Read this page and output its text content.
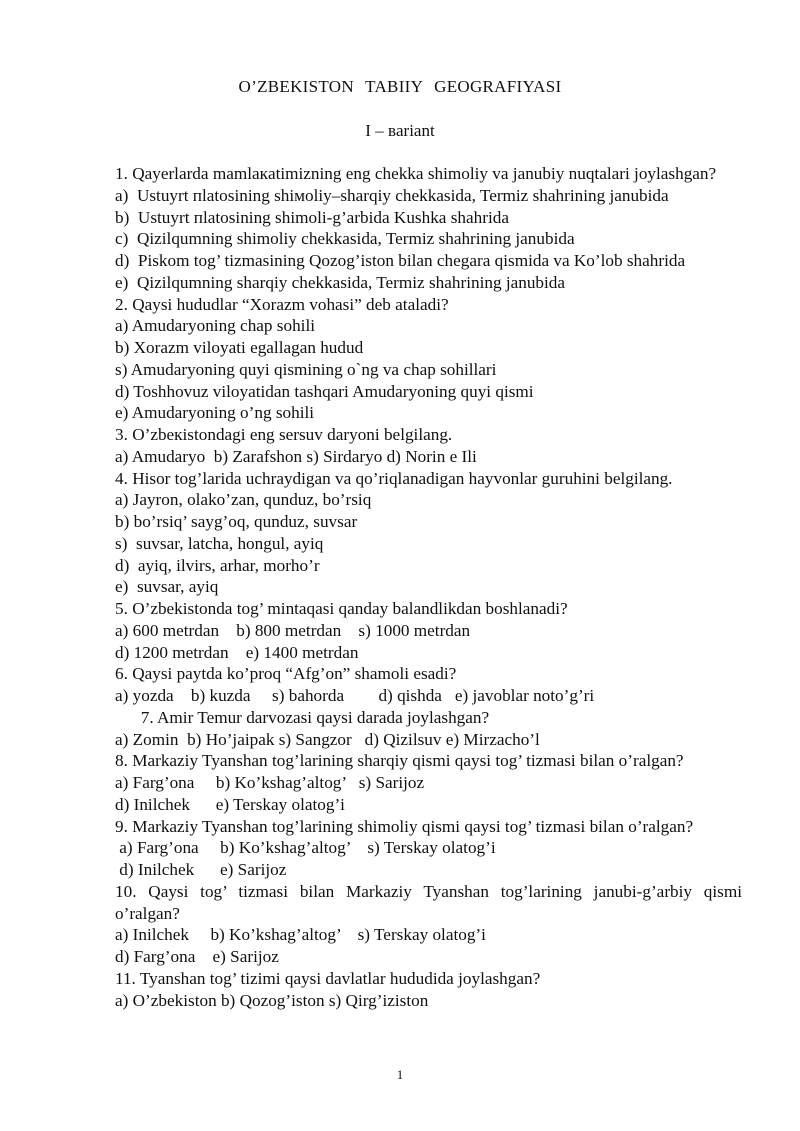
O’ZBEKISTON TABIIY GEOGRAFIYASI
I – вariant
1. Qayerlarda mamlaкatimizning eng chekka shimoliy va janubiy nuqtalari joylashgan?
a)  Ustuyrt пlatosining shiмoliy–sharqiy chekkasida, Termiz shahrining janubida
b)  Ustuyrt пlatosining shimoli-g’arbida Kushka shahrida
c)  Qizilqumning shimoliy chekkasida, Termiz shahrining janubida
d)  Piskom tog’ tizmasining Qozog’iston bilan chegara qismida va Ko’lob shahrida
e)  Qizilqumning sharqiy chekkasida, Termiz shahrining janubida
2. Qaysi hududlar “Xorazm vohasi” deb ataladi?
a) Amudaryoning chap sohili
b) Xorazm viloyati egallagan hudud
s) Amudaryoning quyi qismining o`ng va chap sohillari
d) Toshhovuz viloyatidan tashqari Amudaryoning quyi qismi
e) Amudaryoning o’ng sohili
3. O’zbeкistondagi eng sersuv daryoni belgilang.
a) Amudaryo  b) Zarafshon s) Sirdaryo d) Norin e Ili
4. Hisor tog’larida uchraydigan va qo’riqlanadigan hayvonlar guruhini belgilang.
a) Jayron, olako’zan, qunduz, bo’rsiq
b) bo’rsiq’ sayg’oq, qunduz, suvsar
s)  suvsar, latcha, hongul, ayiq
d)  ayiq, ilvirs, arhar, morho’r
e)  suvsar, ayiq
5. O’zbekistonda tog’ mintaqasi qanday balandlikdan boshlanadi?
a) 600 metrdan    b) 800 metrdan    s) 1000 metrdan
d) 1200 metrdan    e) 1400 metrdan
6. Qaysi paytda ko’proq “Afg’on” shamoli esadi?
a) yozda    b) kuzda     s) bahorda        d) qishda   e) javoblar noto’g’ri
7. Amir Temur darvozasi qaysi darada joylashgan?
a) Zomin  b) Ho’jaipak s) Sangzor   d) Qizilsuv e) Mirzacho’l
8. Markaziy Tyanshan tog’larining sharqiy qismi qaysi tog’ tizmasi bilan o’ralgan?
a) Farg’ona     b) Ko’kshag’altog’   s) Sarijoz
d) Inilchek      e) Terskay olatog’i
9. Markaziy Tyanshan tog’larining shimoliy qismi qaysi tog’ tizmasi bilan o’ralgan?
a) Farg’ona     b) Ko’kshag’altog’    s) Terskay olatog’i
d) Inilchek      e) Sarijoz
10. Qaysi tog’ tizmasi bilan Markaziy Tyanshan tog’larining janubi-g’arbiy qismi o’ralgan?
a) Inilchek     b) Ko’kshag’altog’    s) Terskay olatog’i
d) Farg’ona    e) Sarijoz
11. Tyanshan tog’ tizimi qaysi davlatlar hududida joylashgan?
a) O’zbekiston b) Qozog’iston s) Qirg’iziston
1
